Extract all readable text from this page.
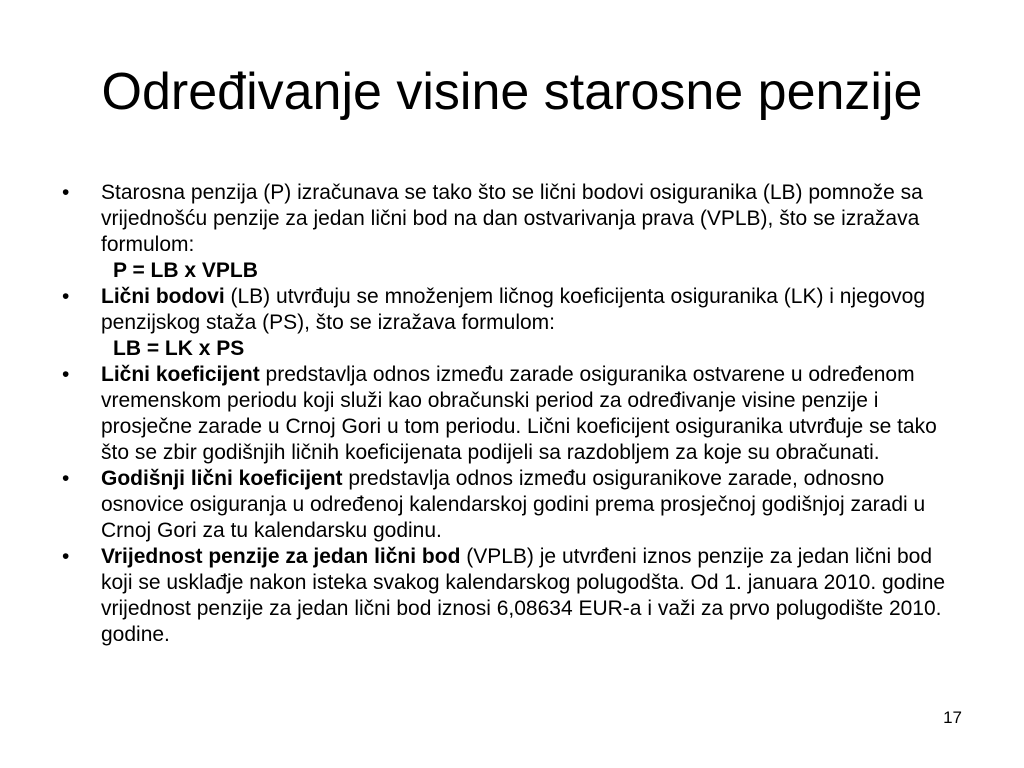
Određivanje visine starosne penzije
•	Starosna penzija (P) izračunava se tako što se lični bodovi osiguranika (LB) pomnože sa vrijednošću penzije za jedan lični bod na dan ostvarivanja prava (VPLB), što se izražava formulom:
P = LB x VPLB
•	Lični bodovi (LB) utvrđuju se množenjem ličnog koeficijenta osiguranika (LK) i njegovog penzijskog staža (PS), što se izražava formulom:
LB = LK x PS
•	Lični koeficijent predstavlja odnos između zarade osiguranika ostvarene u određenom vremenskom periodu koji služi kao obračunski period za određivanje visine penzije i prosječne zarade u Crnoj Gori u tom periodu. Lični koeficijent osiguranika utvrđuje se tako što se zbir godišnjih ličnih koeficijenata podijeli sa razdobljem za koje su obračunati.
•	Godišnji lični koeficijent predstavlja odnos između osiguranikove zarade, odnosno osnovice osiguranja u određenoj kalendarskoj godini prema prosječnoj godišnjoj zaradi u Crnoj Gori za tu kalendarsku godinu.
•	Vrijednost penzije za jedan lični bod (VPLB) je utvrđeni iznos penzije za jedan lični bod koji se usklađje nakon isteka svakog kalendarskog polugodšta. Od 1. januara 2010. godine vrijednost penzije za jedan lični bod iznosi 6,08634 EUR-a i važi za prvo polugodište 2010. godine.
17
